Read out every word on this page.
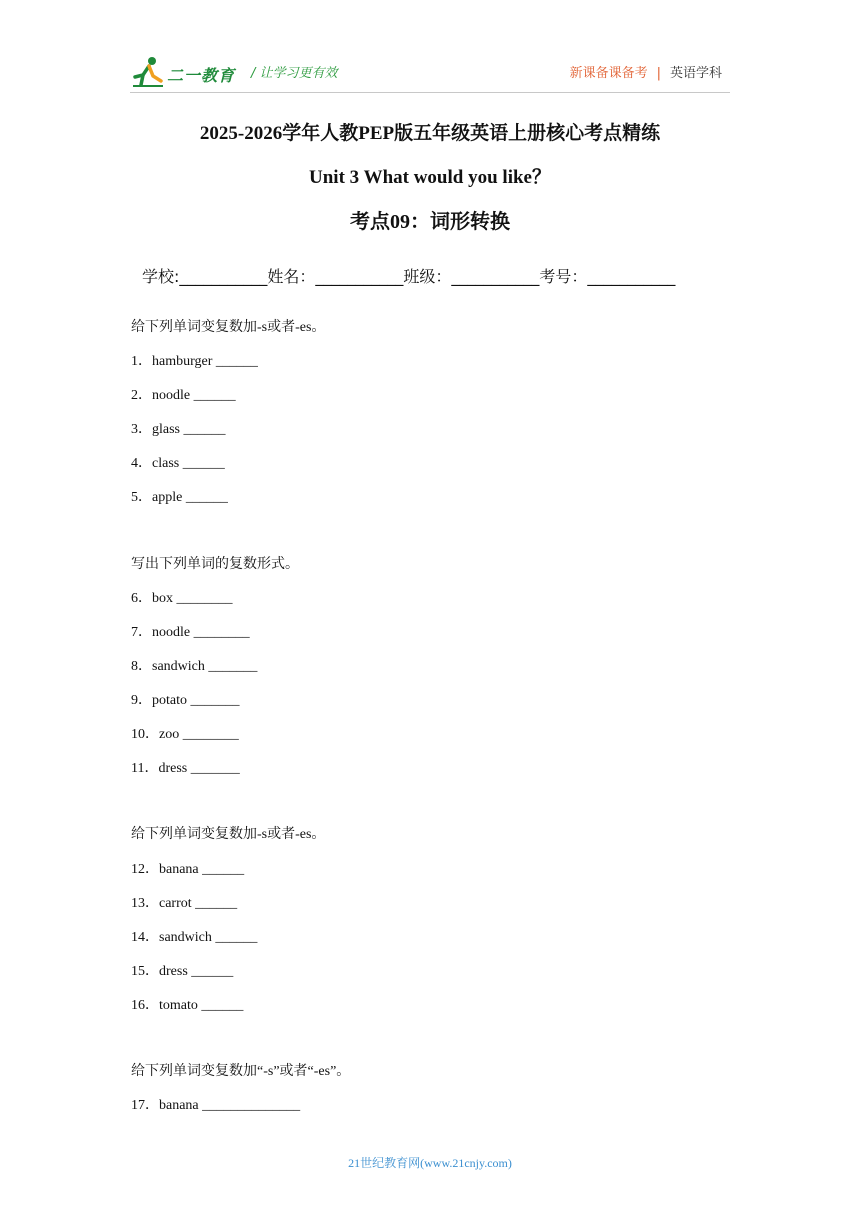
二一教育 / 让学习更有效	新课备课备考 | 英语学科
2025-2026学年人教PEP版五年级英语上册核心考点精练
Unit 3 What would you like？
考点09：词形转换
学校:___________姓名：___________班级：___________考号：___________
给下列单词变复数加-s或者-es。
1．hamburger ______
2．noodle ______
3．glass ______
4．class ______
5．apple ______
写出下列单词的复数形式。
6．box ________
7．noodle ________
8．sandwich _______
9．potato _______
10．zoo ________
11．dress _______
给下列单词变复数加-s或者-es。
12．banana ______
13．carrot ______
14．sandwich ______
15．dress ______
16．tomato ______
给下列单词变复数加“-s”或者“-es”。
17．banana ______________
21世纪教育网(www.21cnjy.com)
